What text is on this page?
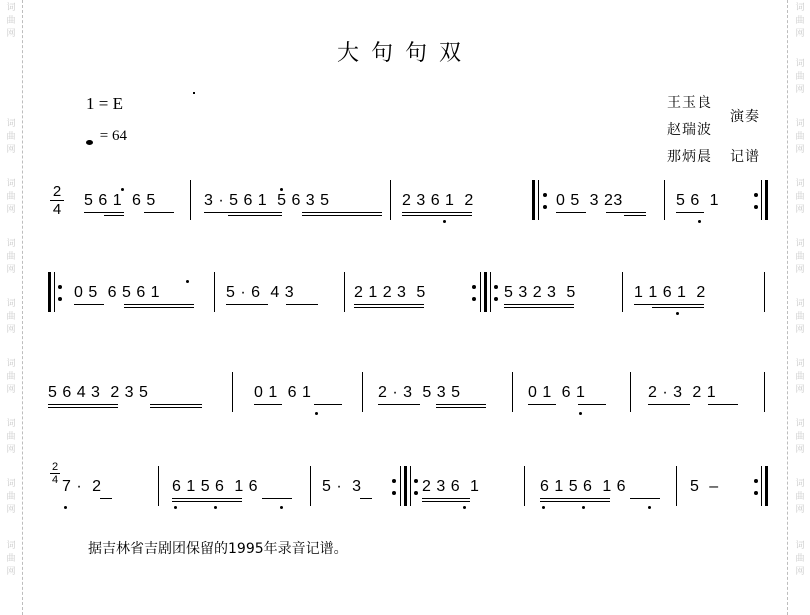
词
曲
网
词
曲
网
词
曲
网
词
曲
网
词
曲
网
词
曲
网
词
曲
网
词
曲
网
词
曲
网
词
曲
网
词
曲
网
词
曲
网
词
曲
网
词
曲
网
词
曲
网
词
曲
网
词
曲
网
词
曲
网
词
曲
网
大句句双
1 = E
= 64
王玉良
赵瑞波
演奏
那炳晨 记谱
2
4
5 6 1  6 5	3 · 5 6 1  5 6 3 5	2 3 6 1  2	0 5  3 23	5 6  1
0 5  6 5 6 1	5 · 6  4 3	2 1 2 3  5	5 3 2 3  5	1 1 6 1  2
5 6 4 3  2 3 5	0 1  6 1	2 · 3  5 3 5	0 1  6 1	2 · 3  2 1
2
4 7 ·  2	6 1 5 6  1 6	5 ·  3	2 3 6  1	6 1 5 6  1 6	5  –
据吉林省吉剧团保留的1995年录音记谱。
